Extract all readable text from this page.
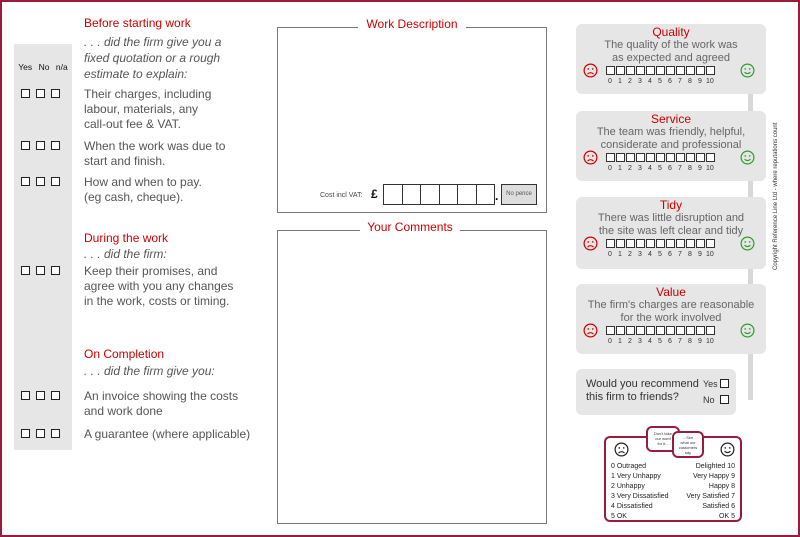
Yes No n/a
Before starting work
. . . did the firm give you a
fixed quotation or a rough
estimate to explain:
Their charges, including
labour, materials, any
call-out fee & VAT.
When the work was due to
start and finish.
How and when to pay.
(eg cash, cheque).
During the work
. . . did the firm:
Keep their promises, and
agree with you any changes
in the work, costs or timing.
On Completion
. . . did the firm give you:
An invoice showing the costs
and work done
A guarantee (where applicable)
Work Description
Cost incl VAT: £	.	No pence
Your Comments
Quality
The quality of the work was
as expected and agreed
0 1 2 3 4 5 6 7 8 9 10
Service
The team was friendly, helpful,
considerate and professional
0 1 2 3 4 5 6 7 8 9 10
Tidy
There was little disruption and
the site was left clear and tidy
0 1 2 3 4 5 6 7 8 9 10
Value
The firm's charges are reasonable
for the work involved
0 1 2 3 4 5 6 7 8 9 10
Would you recommend
this firm to friends?
Yes
No
Don't take
our word
for it...
...See
what our
customers
say
0 Outraged
1 Very Unhappy
2 Unhappy
3 Very Dissatisfied
4 Dissatisfied
5 OK
Delighted 10
Very Happy 9
Happy 8
Very Satisfied 7
Satisfied 6
OK 5
Copyright Reference Line Ltd - where reputations count
